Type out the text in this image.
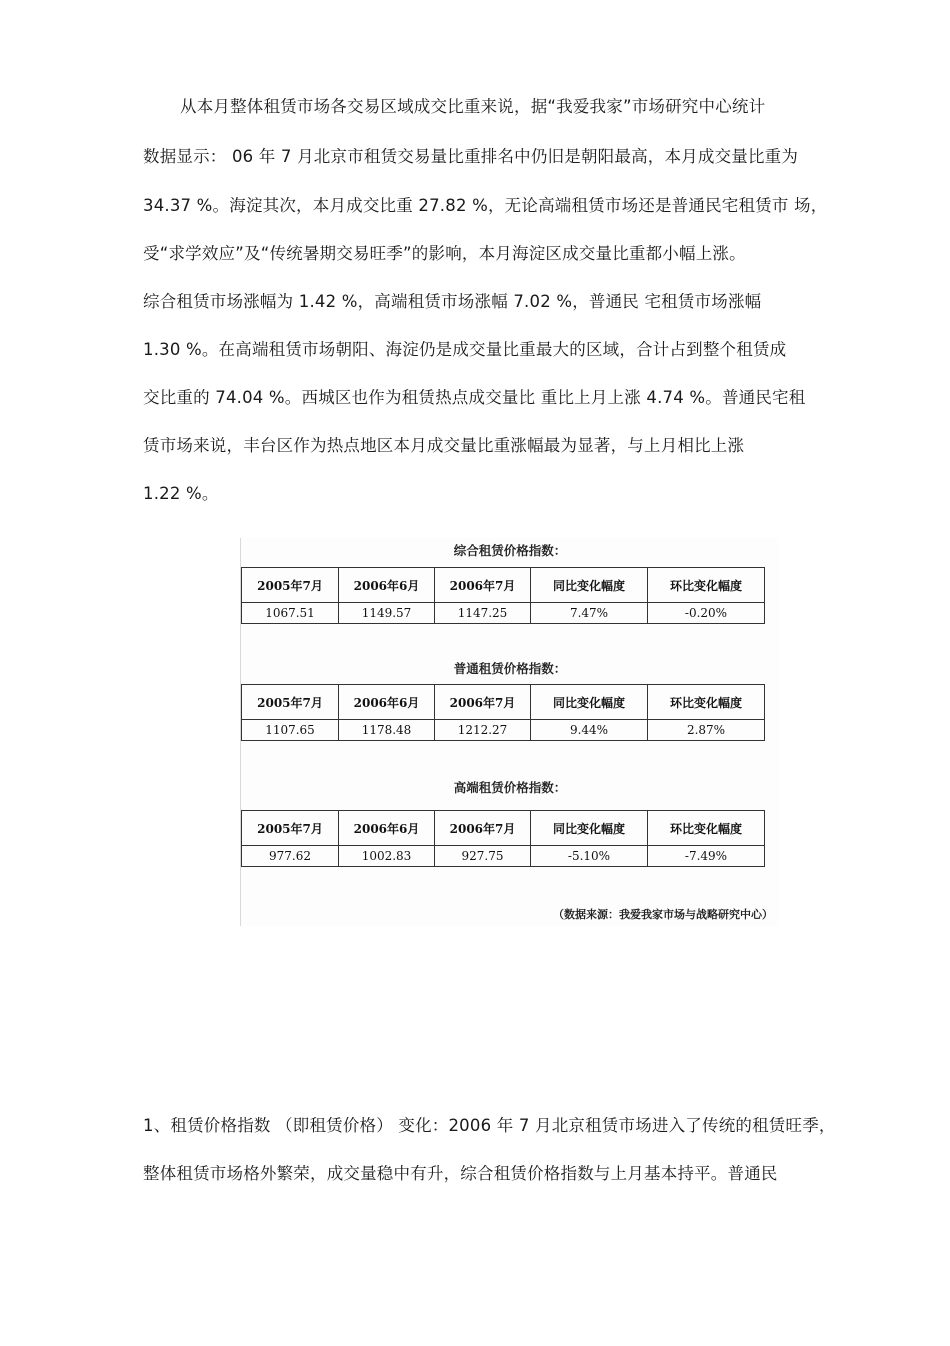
从本月整体租赁市场各交易区域成交比重来说，据“我爱我家”市场研究中心统计
数据显示： 06 年 7 月北京市租赁交易量比重排名中仍旧是朝阳最高，本月成交量比重为
34.37 %。海淀其次，本月成交比重 27.82 %，无论高端租赁市场还是普通民宅租赁市 场，
受“求学效应”及“传统暑期交易旺季”的影响，本月海淀区成交量比重都小幅上涨。
综合租赁市场涨幅为 1.42 %，高端租赁市场涨幅 7.02 %，普通民 宅租赁市场涨幅
1.30 %。在高端租赁市场朝阳、海淀仍是成交量比重最大的区域，合计占到整个租赁成
交比重的 74.04 %。西城区也作为租赁热点成交量比 重比上月上涨 4.74 %。普通民宅租
赁市场来说，丰台区作为热点地区本月成交量比重涨幅最为显著，与上月相比上涨
1.22 %。
综合租赁价格指数：
2005年7月	2006年6月	2006年7月	同比变化幅度	环比变化幅度
1067.51	1149.57	1147.25	7.47%	-0.20%
普通租赁价格指数：
2005年7月	2006年6月	2006年7月	同比变化幅度	环比变化幅度
1107.65	1178.48	1212.27	9.44%	2.87%
高端租赁价格指数：
2005年7月	2006年6月	2006年7月	同比变化幅度	环比变化幅度
977.62	1002.83	927.75	-5.10%	-7.49%
（数据来源：我爱我家市场与战略研究中心）
1、租赁价格指数 （即租赁价格） 变化：2006 年 7 月北京租赁市场进入了传统的租赁旺季，
整体租赁市场格外繁荣，成交量稳中有升，综合租赁价格指数与上月基本持平。普通民
